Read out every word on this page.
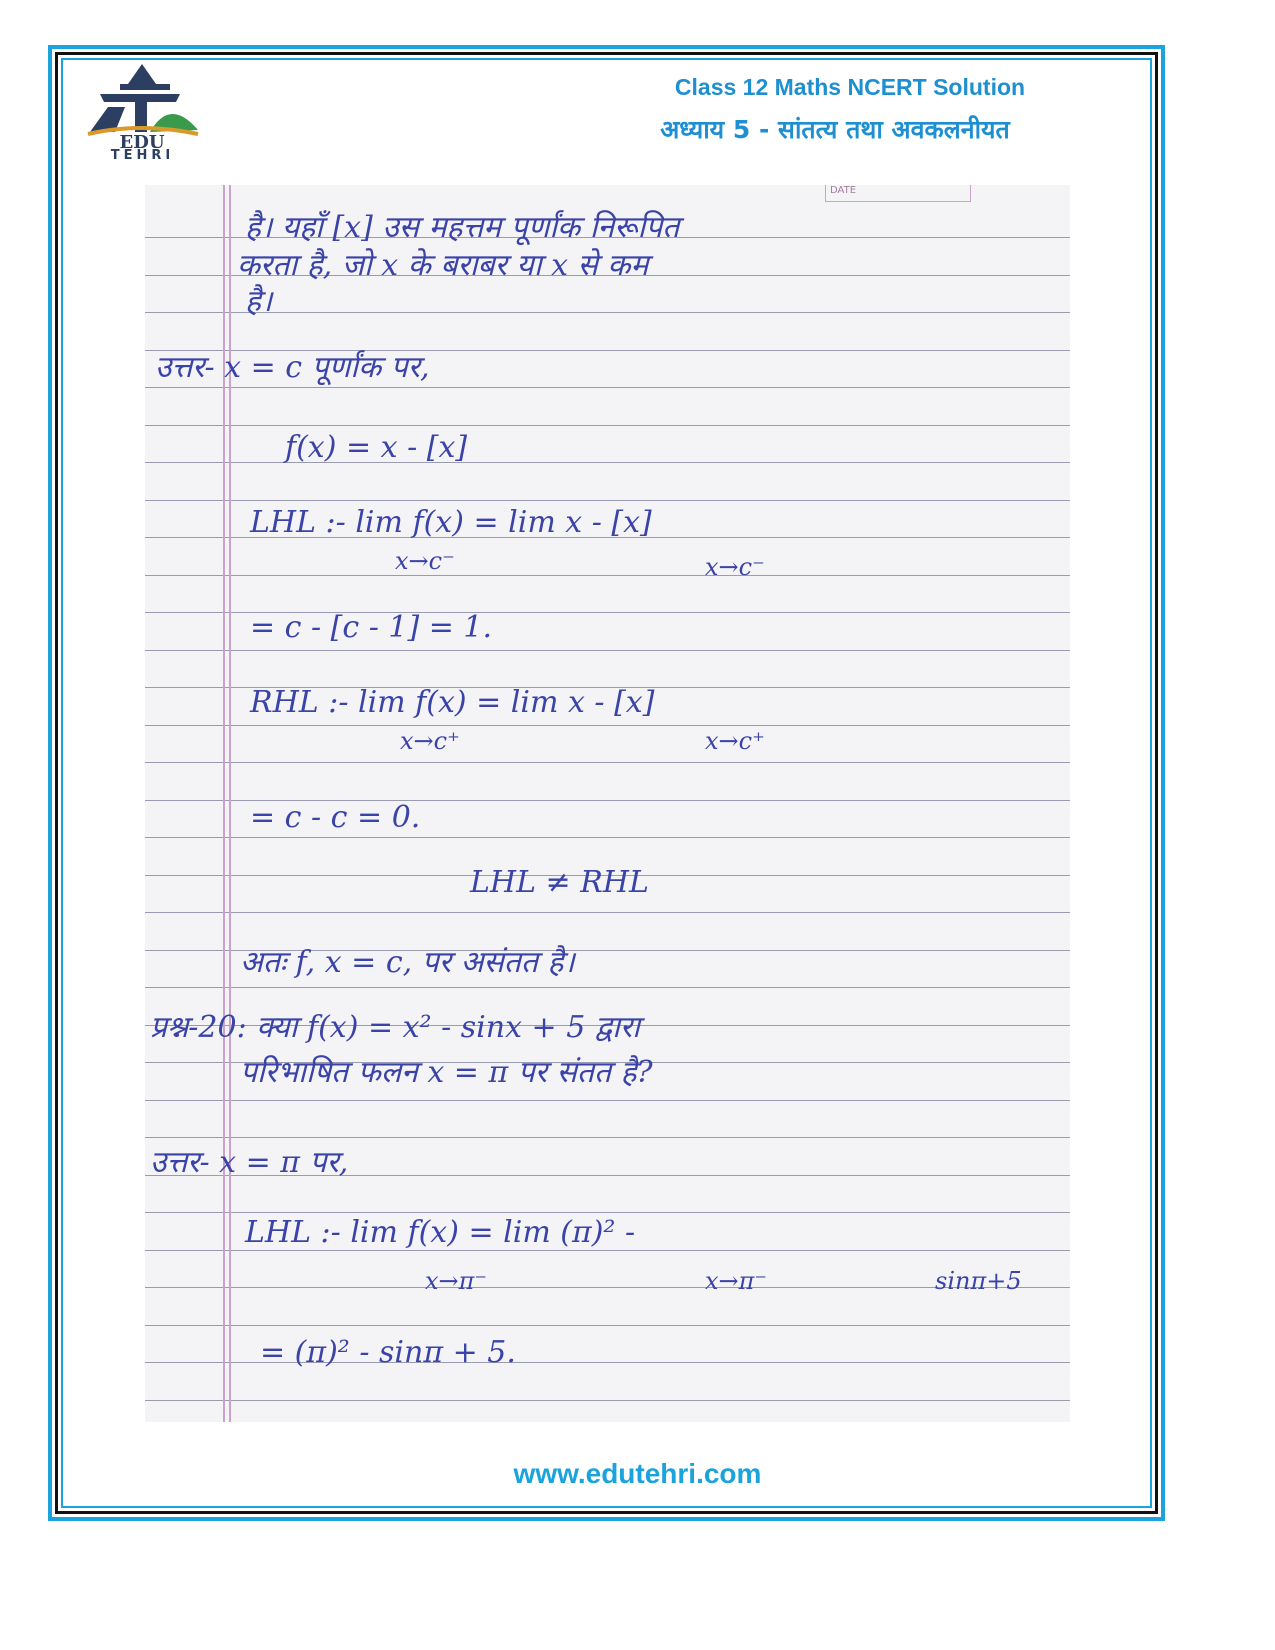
EDU
TEHRI
Class 12 Maths NCERT Solution
अध्याय 5 - सांतत्य तथा अवकलनीयत
DATE
है। यहाँ [x] उस महत्तम पूर्णांक निरूपित
करता है, जो x के बराबर या x से कम
है।
उत्तर- x = c पूर्णांक पर,
f(x) = x - [x]
LHL :- lim f(x) = lim x - [x]
x→c⁻	x→c⁻
= c - [c - 1] = 1.
RHL :- lim f(x) = lim x - [x]
x→c⁺	x→c⁺
= c - c = 0.
LHL ≠ RHL
अतः f, x = c, पर असंतत है।
प्रश्न-20: क्या f(x) = x² - sinx + 5 द्वारा
परिभाषित फलन x = π पर संतत है?
उत्तर- x = π पर,
LHL :- lim f(x) = lim (π)² -
x→π⁻	x→π⁻	sinπ+5
= (π)² - sinπ + 5.
www.edutehri.com
